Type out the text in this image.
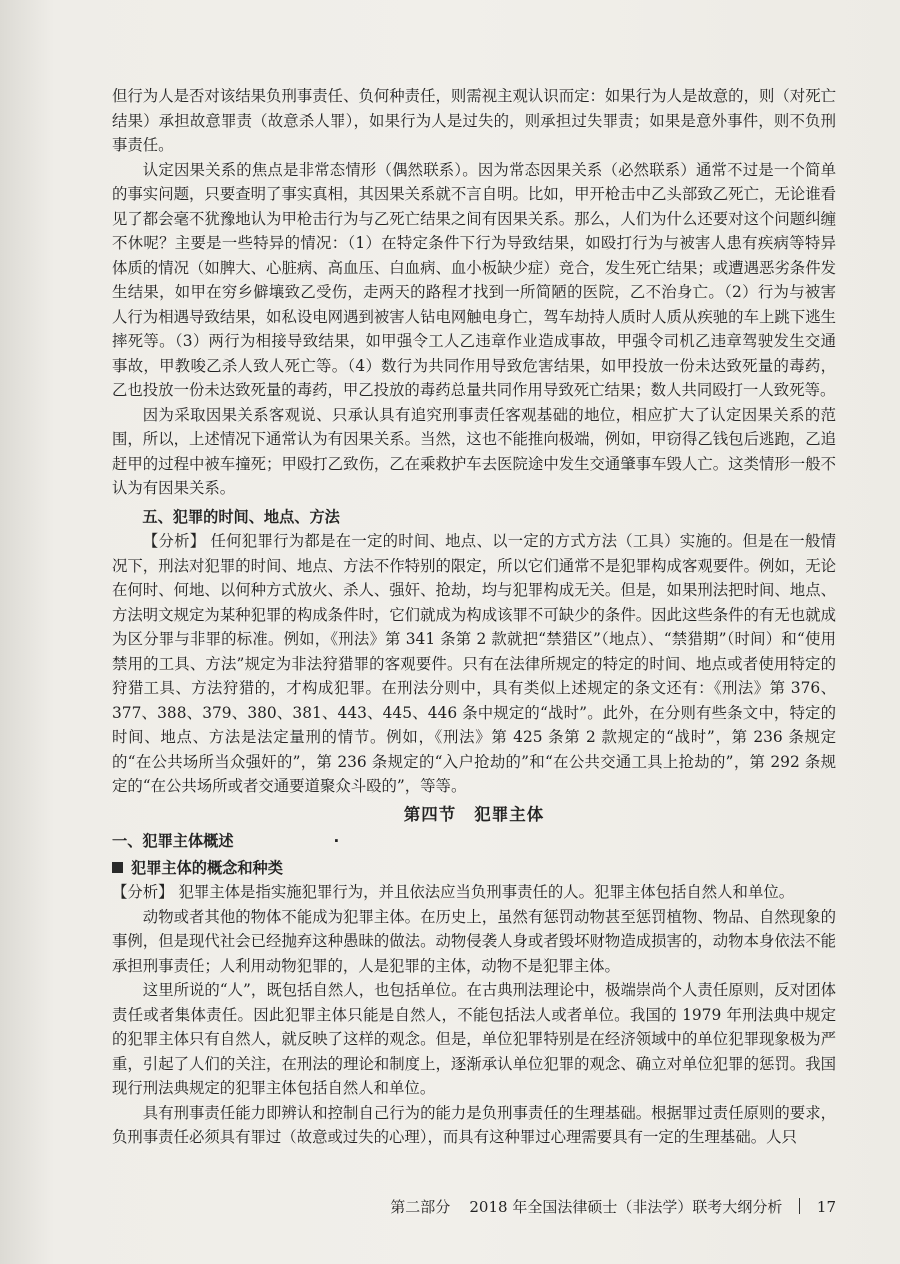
但行为人是否对该结果负刑事责任、负何种责任，则需视主观认识而定：如果行为人是故意的，则（对死亡结果）承担故意罪责（故意杀人罪），如果行为人是过失的，则承担过失罪责；如果是意外事件，则不负刑事责任。

认定因果关系的焦点是非常态情形（偶然联系）。因为常态因果关系（必然联系）通常不过是一个简单的事实问题，只要查明了事实真相，其因果关系就不言自明。比如，甲开枪击中乙头部致乙死亡，无论谁看见了都会毫不犹豫地认为甲枪击行为与乙死亡结果之间有因果关系。那么，人们为什么还要对这个问题纠缠不休呢？主要是一些特异的情况：（1）在特定条件下行为导致结果，如殴打行为与被害人患有疾病等特异体质的情况（如脾大、心脏病、高血压、白血病、血小板缺少症）竞合，发生死亡结果；或遭遇恶劣条件发生结果，如甲在穷乡僻壤致乙受伤，走两天的路程才找到一所简陋的医院，乙不治身亡。（2）行为与被害人行为相遇导致结果，如私设电网遇到被害人钻电网触电身亡，驾车劫持人质时人质从疾驰的车上跳下逃生摔死等。（3）两行为相接导致结果，如甲强令工人乙违章作业造成事故，甲强令司机乙违章驾驶发生交通事故，甲教唆乙杀人致人死亡等。（4）数行为共同作用导致危害结果，如甲投放一份未达致死量的毒药，乙也投放一份未达致死量的毒药，甲乙投放的毒药总量共同作用导致死亡结果；数人共同殴打一人致死等。

因为采取因果关系客观说、只承认具有追究刑事责任客观基础的地位，相应扩大了认定因果关系的范围，所以，上述情况下通常认为有因果关系。当然，这也不能推向极端，例如，甲窃得乙钱包后逃跑，乙追赶甲的过程中被车撞死；甲殴打乙致伤，乙在乘救护车去医院途中发生交通肇事车毁人亡。这类情形一般不认为有因果关系。

五、犯罪的时间、地点、方法

【分析】 任何犯罪行为都是在一定的时间、地点、以一定的方式方法（工具）实施的。但是在一般情况下，刑法对犯罪的时间、地点、方法不作特别的限定，所以它们通常不是犯罪构成客观要件。例如，无论在何时、何地、以何种方式放火、杀人、强奸、抢劫，均与犯罪构成无关。但是，如果刑法把时间、地点、方法明文规定为某种犯罪的构成条件时，它们就成为构成该罪不可缺少的条件。因此这些条件的有无也就成为区分罪与非罪的标准。例如，《刑法》第 341 条第 2 款就把“禁猎区”（地点）、“禁猎期”（时间）和“使用禁用的工具、方法”规定为非法狩猎罪的客观要件。只有在法律所规定的特定的时间、地点或者使用特定的狩猎工具、方法狩猎的，才构成犯罪。在刑法分则中，具有类似上述规定的条文还有：《刑法》第 376、377、388、379、380、381、443、445、446 条中规定的“战时”。此外，在分则有些条文中，特定的时间、地点、方法是法定量刑的情节。例如，《刑法》第 425 条第 2 款规定的“战时”，第 236 条规定的“在公共场所当众强奸的”，第 236 条规定的“入户抢劫的”和“在公共交通工具上抢劫的”，第 292 条规定的“在公共场所或者交通要道聚众斗殴的”，等等。

第四节 犯罪主体

一、犯罪主体概述	·

犯罪主体的概念和种类

【分析】 犯罪主体是指实施犯罪行为，并且依法应当负刑事责任的人。犯罪主体包括自然人和单位。

动物或者其他的物体不能成为犯罪主体。在历史上，虽然有惩罚动物甚至惩罚植物、物品、自然现象的事例，但是现代社会已经抛弃这种愚昧的做法。动物侵袭人身或者毁坏财物造成损害的，动物本身依法不能承担刑事责任；人利用动物犯罪的，人是犯罪的主体，动物不是犯罪主体。

这里所说的“人”，既包括自然人，也包括单位。在古典刑法理论中，极端崇尚个人责任原则，反对团体责任或者集体责任。因此犯罪主体只能是自然人，不能包括法人或者单位。我国的 1979 年刑法典中规定的犯罪主体只有自然人，就反映了这样的观念。但是，单位犯罪特别是在经济领域中的单位犯罪现象极为严重，引起了人们的关注，在刑法的理论和制度上，逐渐承认单位犯罪的观念、确立对单位犯罪的惩罚。我国现行刑法典规定的犯罪主体包括自然人和单位。

具有刑事责任能力即辨认和控制自己行为的能力是负刑事责任的生理基础。根据罪过责任原则的要求，负刑事责任必须具有罪过（故意或过失的心理），而具有这种罪过心理需要具有一定的生理基础。人只

第二部分 2018 年全国法律硕士（非法学）联考大纲分析 17
